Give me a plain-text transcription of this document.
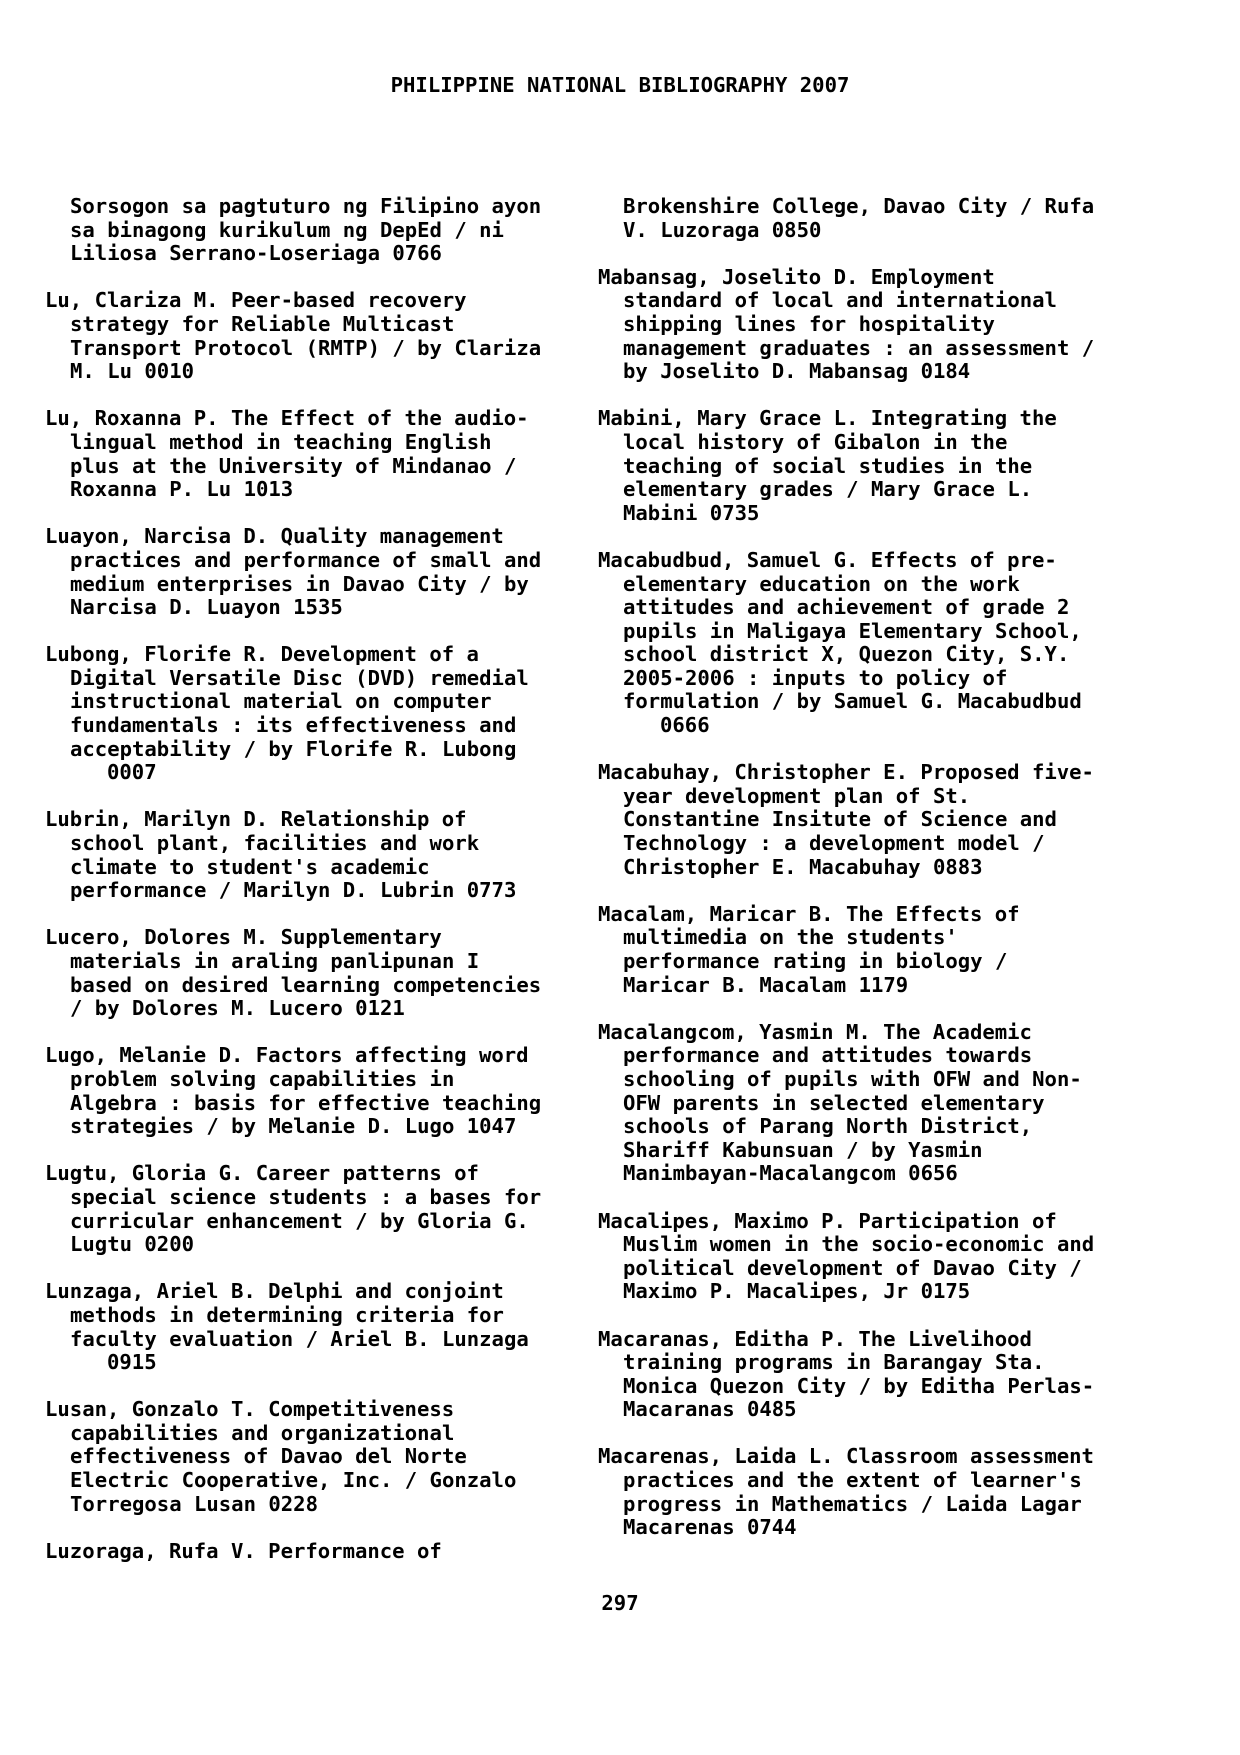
PHILIPPINE NATIONAL BIBLIOGRAPHY 2007
Sorsogon sa pagtuturo ng Filipino ayon
sa binagong kurikulum ng DepEd / ni
Liliosa Serrano-Loseriaga 0766
Lu, Clariza M. Peer-based recovery
strategy for Reliable Multicast
Transport Protocol (RMTP) / by Clariza
M. Lu 0010
Lu, Roxanna P. The Effect of the audio-
lingual method in teaching English
plus at the University of Mindanao /
Roxanna P. Lu 1013
Luayon, Narcisa D. Quality management
practices and performance of small and
medium enterprises in Davao City / by
Narcisa D. Luayon 1535
Lubong, Florife R. Development of a
Digital Versatile Disc (DVD) remedial
instructional material on computer
fundamentals : its effectiveness and
acceptability / by Florife R. Lubong
0007
Lubrin, Marilyn D. Relationship of
school plant, facilities and work
climate to student's academic
performance / Marilyn D. Lubrin 0773
Lucero, Dolores M. Supplementary
materials in araling panlipunan I
based on desired learning competencies
/ by Dolores M. Lucero 0121
Lugo, Melanie D. Factors affecting word
problem solving capabilities in
Algebra : basis for effective teaching
strategies / by Melanie D. Lugo 1047
Lugtu, Gloria G. Career patterns of
special science students : a bases for
curricular enhancement / by Gloria G.
Lugtu 0200
Lunzaga, Ariel B. Delphi and conjoint
methods in determining criteria for
faculty evaluation / Ariel B. Lunzaga
0915
Lusan, Gonzalo T. Competitiveness
capabilities and organizational
effectiveness of Davao del Norte
Electric Cooperative, Inc. / Gonzalo
Torregosa Lusan 0228
Luzoraga, Rufa V. Performance of
Brokenshire College, Davao City / Rufa
V. Luzoraga 0850
Mabansag, Joselito D. Employment
standard of local and international
shipping lines for hospitality
management graduates : an assessment /
by Joselito D. Mabansag 0184
Mabini, Mary Grace L. Integrating the
local history of Gibalon in the
teaching of social studies in the
elementary grades / Mary Grace L.
Mabini 0735
Macabudbud, Samuel G. Effects of pre-
elementary education on the work
attitudes and achievement of grade 2
pupils in Maligaya Elementary School,
school district X, Quezon City, S.Y.
2005-2006 : inputs to policy of
formulation / by Samuel G. Macabudbud
0666
Macabuhay, Christopher E. Proposed five-
year development plan of St.
Constantine Insitute of Science and
Technology : a development model /
Christopher E. Macabuhay 0883
Macalam, Maricar B. The Effects of
multimedia on the students'
performance rating in biology /
Maricar B. Macalam 1179
Macalangcom, Yasmin M. The Academic
performance and attitudes towards
schooling of pupils with OFW and Non-
OFW parents in selected elementary
schools of Parang North District,
Shariff Kabunsuan / by Yasmin
Manimbayan-Macalangcom 0656
Macalipes, Maximo P. Participation of
Muslim women in the socio-economic and
political development of Davao City /
Maximo P. Macalipes, Jr 0175
Macaranas, Editha P. The Livelihood
training programs in Barangay Sta.
Monica Quezon City / by Editha Perlas-
Macaranas 0485
Macarenas, Laida L. Classroom assessment
practices and the extent of learner's
progress in Mathematics / Laida Lagar
Macarenas 0744

297
